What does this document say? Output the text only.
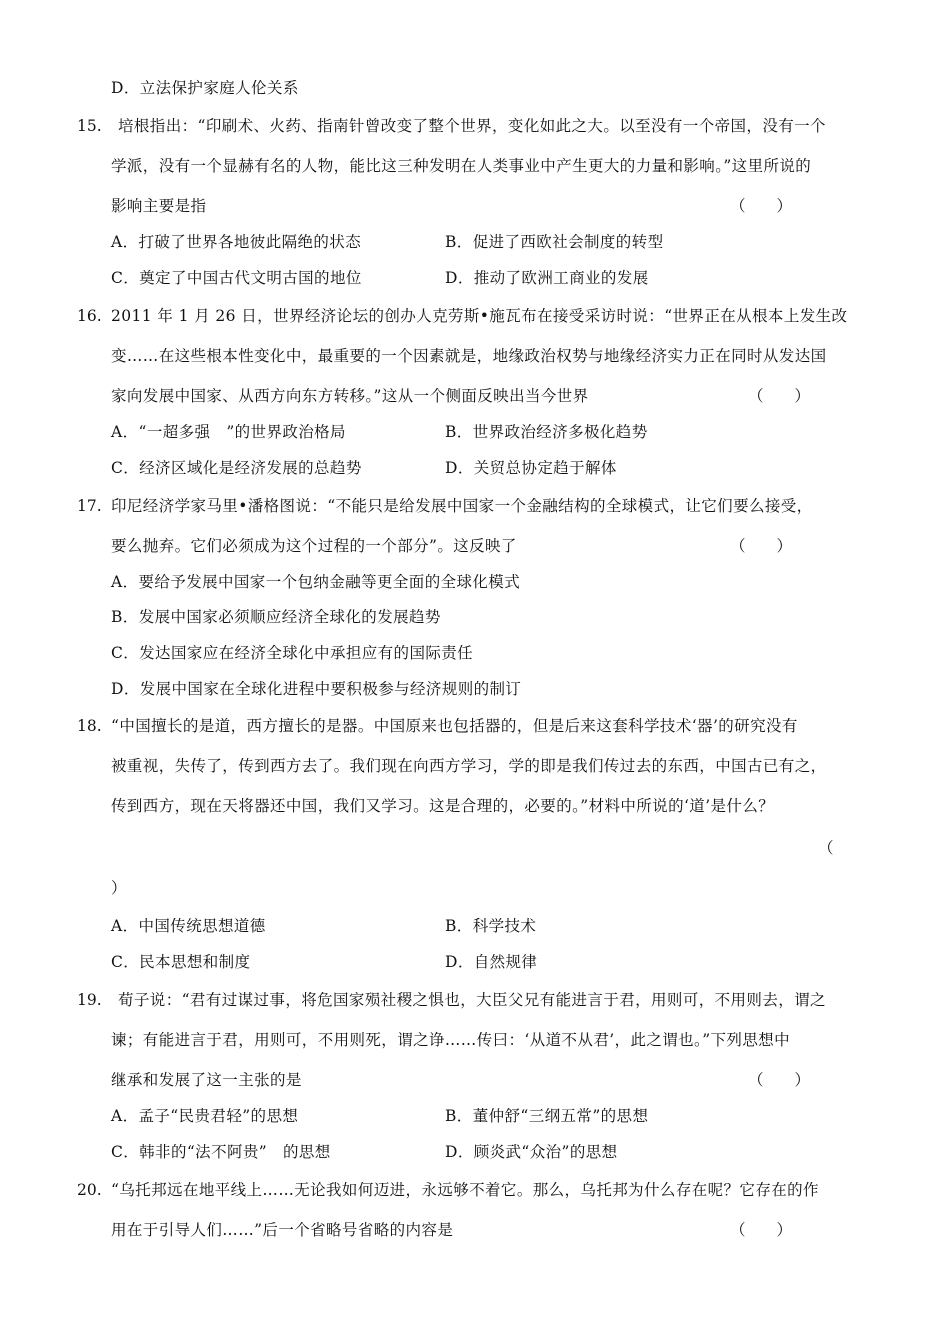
D．立法保护家庭人伦关系
15. 培根指出：“印刷术、火药、指南针曾改变了整个世界，变化如此之大。以至没有一个帝国，没有一个
学派，没有一个显赫有名的人物，能比这三种发明在人类事业中产生更大的力量和影响。”这里所说的
影响主要是指	（　　）
A．打破了世界各地彼此隔绝的状态	B．促进了西欧社会制度的转型
C．奠定了中国古代文明古国的地位	D．推动了欧洲工商业的发展
16. 2011 年 1 月 26 日，世界经济论坛的创办人克劳斯•施瓦布在接受采访时说：“世界正在从根本上发生改
变……在这些根本性变化中，最重要的一个因素就是，地缘政治权势与地缘经济实力正在同时从发达国
家向发展中国家、从西方向东方转移。”这从一个侧面反映出当今世界	（　　）
A．“一超多强　”的世界政治格局	B．世界政治经济多极化趋势
C．经济区域化是经济发展的总趋势	D．关贸总协定趋于解体
17. 印尼经济学家马里•潘格图说：“不能只是给发展中国家一个金融结构的全球模式，让它们要么接受，
要么抛弃。它们必须成为这个过程的一个部分”。这反映了	（　　）
A．要给予发展中国家一个包纳金融等更全面的全球化模式
B．发展中国家必须顺应经济全球化的发展趋势
C．发达国家应在经济全球化中承担应有的国际责任
D．发展中国家在全球化进程中要积极参与经济规则的制订
18. “中国擅长的是道，西方擅长的是器。中国原来也包括器的，但是后来这套科学技术‘器’的研究没有
被重视，失传了，传到西方去了。我们现在向西方学习，学的即是我们传过去的东西，中国古已有之，
传到西方，现在天将器还中国，我们又学习。这是合理的，必要的。”材料中所说的‘道’是什么？
（
）
A．中国传统思想道德	B．科学技术
C．民本思想和制度	D．自然规律
19. 荀子说：“君有过谋过事，将危国家殒社稷之惧也，大臣父兄有能进言于君，用则可，不用则去，谓之
谏；有能进言于君，用则可，不用则死，谓之诤……传曰：‘从道不从君’，此之谓也。”下列思想中
继承和发展了这一主张的是	（　　）
A．孟子“民贵君轻”的思想	B．董仲舒“三纲五常”的思想
C．韩非的“法不阿贵”　的思想	D．顾炎武“众治”的思想
20. “乌托邦远在地平线上……无论我如何迈进，永远够不着它。那么，乌托邦为什么存在呢？它存在的作
用在于引导人们……”后一个省略号省略的内容是	（　　）
